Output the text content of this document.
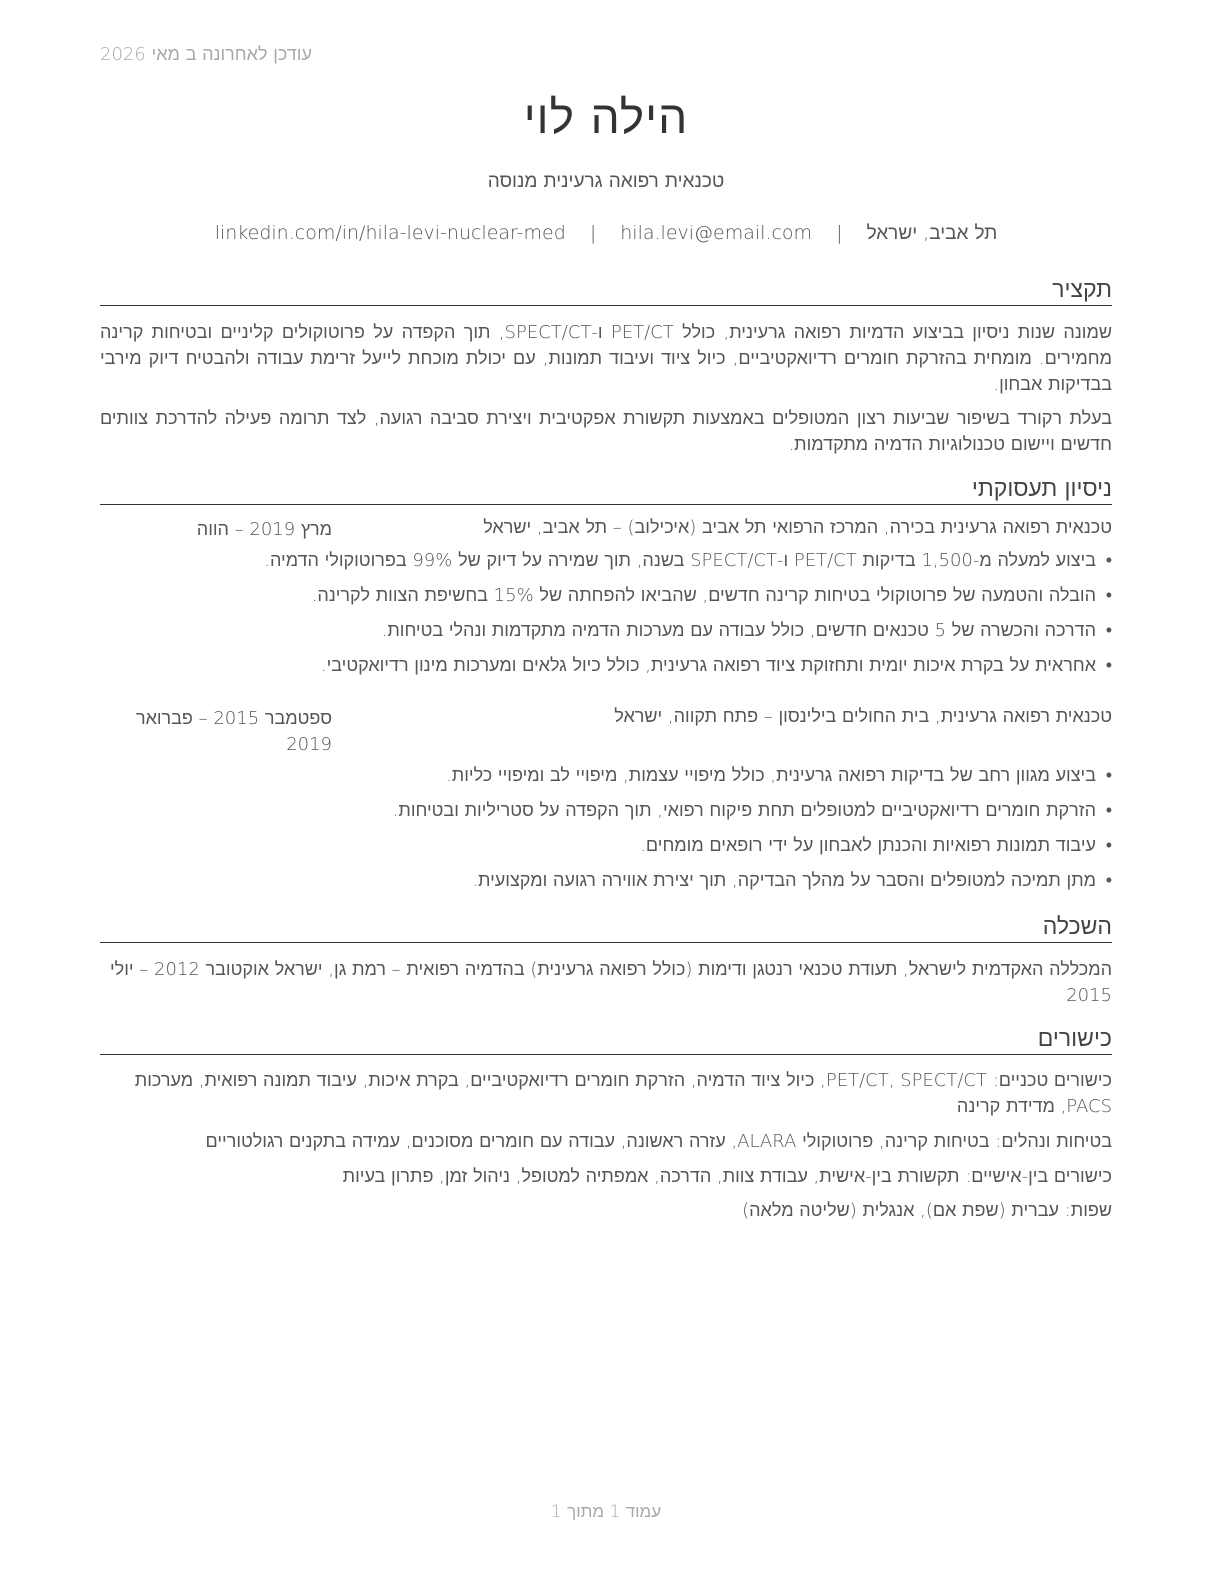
עודכן לאחרונה ב מאי 2026
הילה לוי
טכנאית רפואה גרעינית מנוסה
תל אביב, ישראל | hila.levi@email.com | linkedin.com/in/hila-levi-nuclear-med
תקציר
שמונה שנות ניסיון בביצוע הדמיות רפואה גרעינית, כולל PET/CT ו-SPECT/CT, תוך הקפדה על פרוטוקולים קליניים ובטיחות קרינה מחמירים. מומחית בהזרקת חומרים רדיואקטיביים, כיול ציוד ועיבוד תמונות, עם יכולת מוכחת לייעל זרימת עבודה ולהבטיח דיוק מירבי בבדיקות אבחון.
בעלת רקורד בשיפור שביעות רצון המטופלים באמצעות תקשורת אפקטיבית ויצירת סביבה רגועה, לצד תרומה פעילה להדרכת צוותים חדשים ויישום טכנולוגיות הדמיה מתקדמות.
ניסיון תעסוקתי
טכנאית רפואה גרעינית בכירה, המרכז הרפואי תל אביב (איכילוב) – תל אביב, ישראל
מרץ 2019 – הווה
• ביצוע למעלה מ-1,500 בדיקות PET/CT ו-SPECT/CT בשנה, תוך שמירה על דיוק של 99% בפרוטוקולי הדמיה.
• הובלה והטמעה של פרוטוקולי בטיחות קרינה חדשים, שהביאו להפחתה של 15% בחשיפת הצוות לקרינה.
• הדרכה והכשרה של 5 טכנאים חדשים, כולל עבודה עם מערכות הדמיה מתקדמות ונהלי בטיחות.
• אחראית על בקרת איכות יומית ותחזוקת ציוד רפואה גרעינית, כולל כיול גלאים ומערכות מינון רדיואקטיבי.
טכנאית רפואה גרעינית, בית החולים בילינסון – פתח תקווה, ישראל
ספטמבר 2015 – פברואר 2019
• ביצוע מגוון רחב של בדיקות רפואה גרעינית, כולל מיפויי עצמות, מיפויי לב ומיפויי כליות.
• הזרקת חומרים רדיואקטיביים למטופלים תחת פיקוח רפואי, תוך הקפדה על סטריליות ובטיחות.
• עיבוד תמונות רפואיות והכנתן לאבחון על ידי רופאים מומחים.
• מתן תמיכה למטופלים והסבר על מהלך הבדיקה, תוך יצירת אווירה רגועה ומקצועית.
השכלה
המכללה האקדמית לישראל, תעודת טכנאי רנטגן ודימות (כולל רפואה גרעינית) בהדמיה רפואית – רמת גן, ישראל אוקטובר 2012 – יולי 2015
כישורים
כישורים טכניים: PET/CT, SPECT/CT, כיול ציוד הדמיה, הזרקת חומרים רדיואקטיביים, בקרת איכות, עיבוד תמונה רפואית, מערכות PACS, מדידת קרינה
בטיחות ונהלים: בטיחות קרינה, פרוטוקולי ALARA, עזרה ראשונה, עבודה עם חומרים מסוכנים, עמידה בתקנים רגולטוריים
כישורים בין-אישיים: תקשורת בין-אישית, עבודת צוות, הדרכה, אמפתיה למטופל, ניהול זמן, פתרון בעיות
שפות: עברית (שפת אם), אנגלית (שליטה מלאה)
עמוד 1 מתוך 1
